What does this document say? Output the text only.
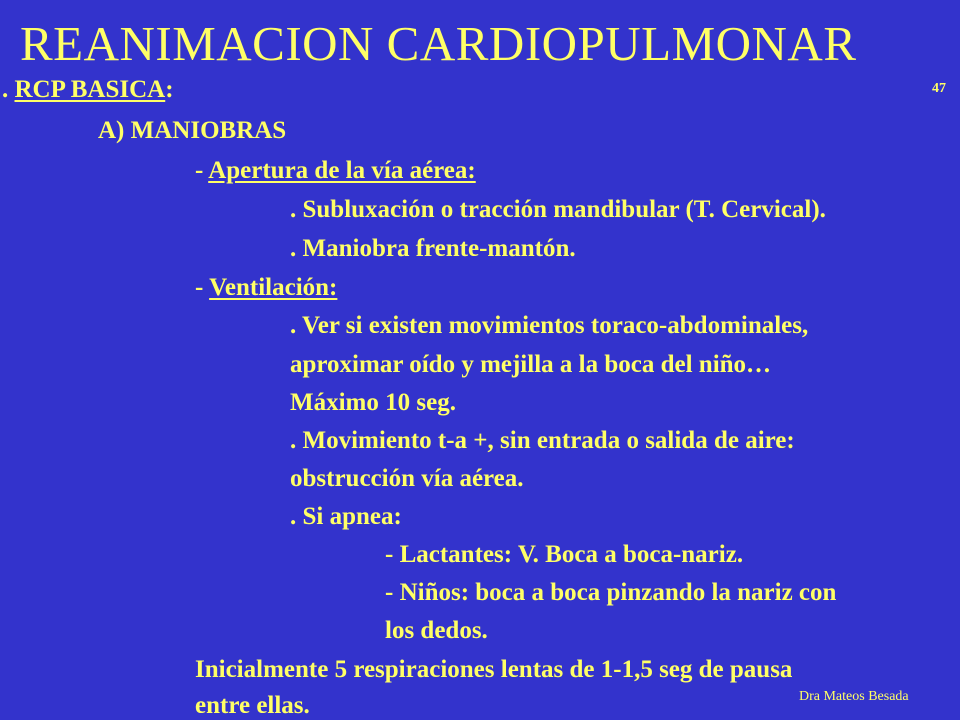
REANIMACION CARDIOPULMONAR
47
. RCP BASICA:
A) MANIOBRAS
- Apertura de la vía aérea:
. Subluxación o tracción mandibular (T. Cervical).
. Maniobra frente-mantón.
- Ventilación:
. Ver si existen movimientos toraco-abdominales,
aproximar oído y mejilla a la boca del niño…
Máximo 10 seg.
. Movimiento t-a +, sin entrada o salida de aire:
obstrucción vía aérea.
. Si apnea:
- Lactantes: V. Boca a boca-nariz.
- Niños: boca a boca pinzando la nariz con
los dedos.
Inicialmente 5 respiraciones lentas de 1-1,5 seg de pausa
entre ellas.	Dra Mateos Besada
